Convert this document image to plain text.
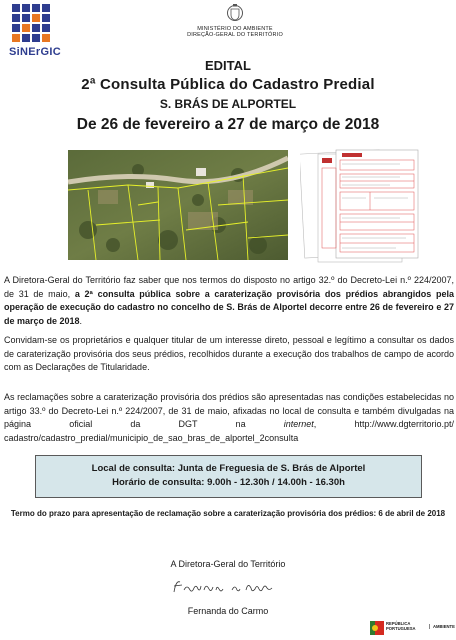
SiNErGIC
MINISTÉRIO DO AMBIENTE
DIREÇÃO-GERAL DO TERRITÓRIO
EDITAL
2ª Consulta Pública do Cadastro Predial
S. BRÁS DE ALPORTEL
De 26 de fevereiro a 27 de março de 2018
A Diretora-Geral do Território faz saber que nos termos do disposto no artigo 32.º do Decreto-Lei n.º 224/2007, de 31 de maio, a 2ª consulta pública sobre a caraterização provisória dos prédios abrangidos pela operação de execução do cadastro no concelho de S. Brás de Alportel decorre entre 26 de fevereiro e 27 de março de 2018.
Convidam-se os proprietários e qualquer titular de um interesse direto, pessoal e legítimo a consultar os dados de caraterização provisória dos seus prédios, recolhidos durante a execução dos trabalhos de campo de acordo com as Declarações de Titularidade.
As reclamações sobre a caraterização provisória dos prédios são apresentadas nas condições estabelecidas no artigo 33.º do Decreto-Lei n.º 224/2007, de 31 de maio, afixadas no local de consulta e também divulgadas na página oficial da DGT na internet, http://www.dgterritorio.pt/ cadastro/cadastro_predial/municipio_de_sao_bras_de_alportel_2consulta
Local de consulta: Junta de Freguesia de S. Brás de Alportel
Horário de consulta: 9.00h - 12.30h / 14.00h - 16.30h
Termo do prazo para apresentação de reclamação sobre a caraterização provisória dos prédios: 6 de abril de 2018
A Diretora-Geral do Território
Fernanda do Carmo
REPÚBLICA
PORTUGUESA	AMBIENTE
